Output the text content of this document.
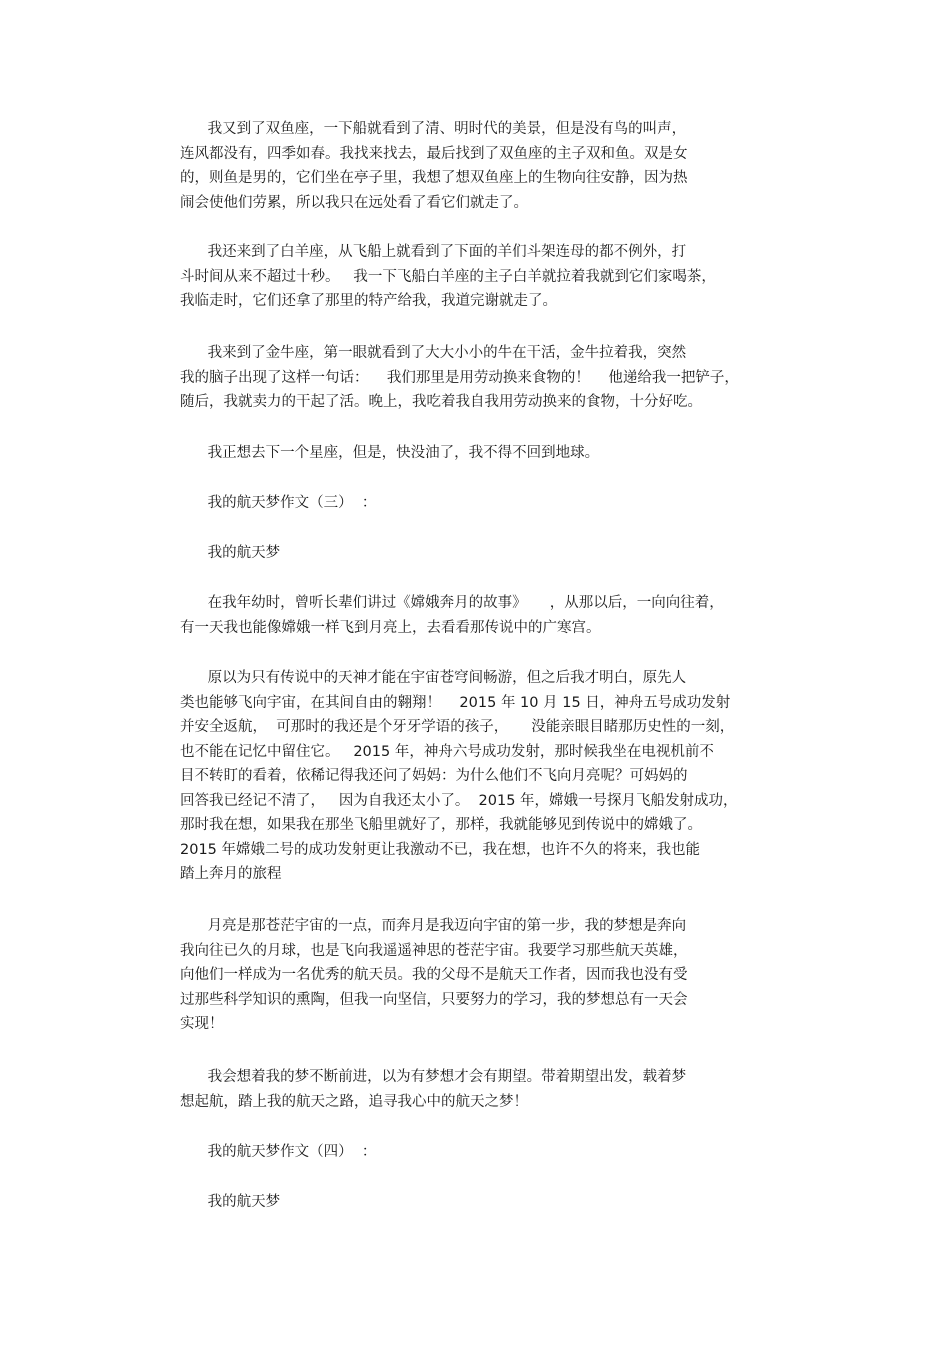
我又到了双鱼座，一下船就看到了清、明时代的美景，但是没有鸟的叫声，
连风都没有，四季如春。我找来找去，最后找到了双鱼座的主子双和鱼。双是女
的，则鱼是男的，它们坐在亭子里，我想了想双鱼座上的生物向往安静，因为热
闹会使他们劳累，所以我只在远处看了看它们就走了。
我还来到了白羊座，从飞船上就看到了下面的羊们斗架连母的都不例外，打
斗时间从来不超过十秒。   我一下飞船白羊座的主子白羊就拉着我就到它们家喝茶，
我临走时，它们还拿了那里的特产给我，我道完谢就走了。
我来到了金牛座，第一眼就看到了大大小小的牛在干活，金牛拉着我，突然
我的脑子出现了这样一句话：    我们那里是用劳动换来食物的！    他递给我一把铲子，
随后，我就卖力的干起了活。晚上，我吃着我自我用劳动换来的食物，十分好吃。
我正想去下一个星座，但是，快没油了，我不得不回到地球。
我的航天梦作文（三）  ：
我的航天梦
在我年幼时，曾听长辈们讲过《嫦娥奔月的故事》     ，从那以后，一向向往着，
有一天我也能像嫦娥一样飞到月亮上，去看看那传说中的广寒宫。
原以为只有传说中的天神才能在宇宙苍穹间畅游，但之后我才明白，原先人
类也能够飞向宇宙，在其间自由的翱翔！    2015 年 10 月 15 日，神舟五号成功发射
并安全返航，  可那时的我还是个牙牙学语的孩子，     没能亲眼目睹那历史性的一刻，
也不能在记忆中留住它。   2015 年，神舟六号成功发射，那时候我坐在电视机前不
目不转盯的看着，依稀记得我还问了妈妈：为什么他们不飞向月亮呢？可妈妈的
回答我已经记不清了，   因为自我还太小了。  2015 年，嫦娥一号探月飞船发射成功，
那时我在想，如果我在那坐飞船里就好了，那样，我就能够见到传说中的嫦娥了。
2015 年嫦娥二号的成功发射更让我激动不已，我在想，也许不久的将来，我也能
踏上奔月的旅程
月亮是那苍茫宇宙的一点，而奔月是我迈向宇宙的第一步，我的梦想是奔向
我向往已久的月球，也是飞向我遥遥神思的苍茫宇宙。我要学习那些航天英雄，
向他们一样成为一名优秀的航天员。我的父母不是航天工作者，因而我也没有受
过那些科学知识的熏陶，但我一向坚信，只要努力的学习，我的梦想总有一天会
实现！
我会想着我的梦不断前进，以为有梦想才会有期望。带着期望出发，载着梦
想起航，踏上我的航天之路，追寻我心中的航天之梦！
我的航天梦作文（四）  ：
我的航天梦
